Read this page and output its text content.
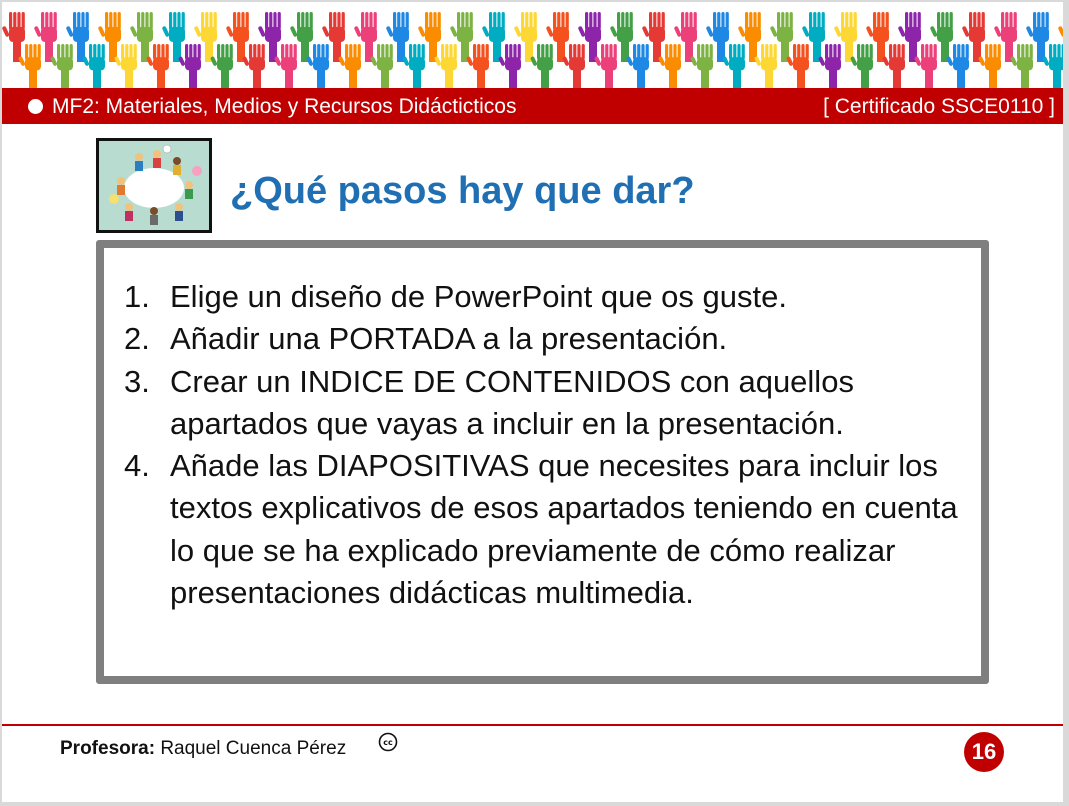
MF2: Materiales, Medios y Recursos Didácticticos	[ Certificado SSCE0110 ]
¿Qué pasos hay que dar?
1. Elige un diseño de PowerPoint que os guste.
2. Añadir una PORTADA a la presentación.
3. Crear un INDICE DE CONTENIDOS con aquellos apartados que vayas a incluir en la presentación.
4. Añade las DIAPOSITIVAS que necesites para incluir los textos explicativos de esos apartados teniendo en cuenta lo que se ha explicado previamente de cómo realizar presentaciones didácticas multimedia.
Profesora: Raquel Cuenca Pérez	cc	16
